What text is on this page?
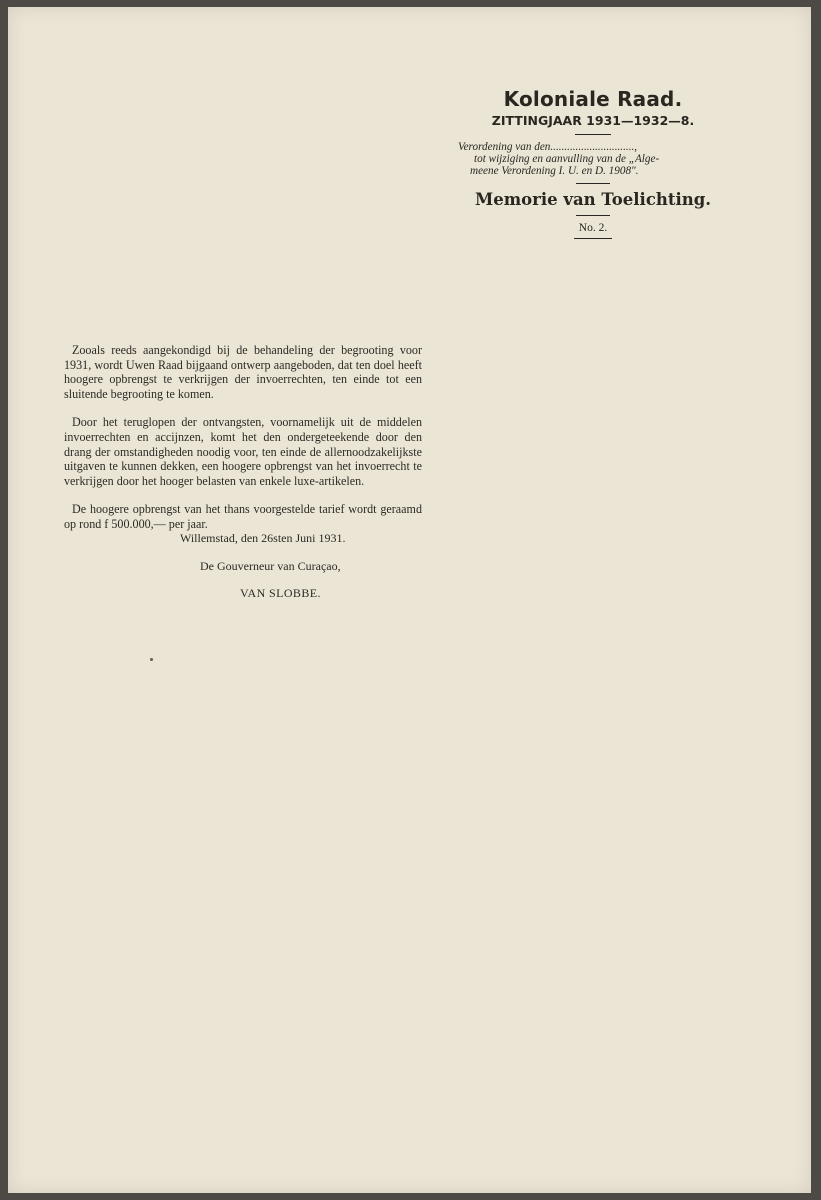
Koloniale Raad.
ZITTINGJAAR 1931—1932—8.
Verordening van den..............................,
tot wijziging en aanvulling van de „Alge-
meene Verordening I. U. en D. 1908".
Memorie van Toelichting.
No. 2.

Zooals reeds aangekondigd bij de behandeling der begrooting voor 1931, wordt Uwen Raad bijgaand ontwerp aangeboden, dat ten doel heeft hoogere opbrengst te verkrijgen der invoerrechten, ten einde tot een sluitende begrooting te komen.

Door het teruglopen der ontvangsten, voornamelijk uit de middelen invoerrechten en accijnzen, komt het den ondergeteekende door den drang der omstandigheden noodig voor, ten einde de allernoodzakelijkste uitgaven te kunnen dekken, een hoogere opbrengst van het invoerrecht te verkrijgen door het hooger belasten van enkele luxe-artikelen.

De hoogere opbrengst van het thans voorgestelde tarief wordt geraamd op rond f 500.000,— per jaar.

Willemstad, den 26sten Juni 1931.
De Gouverneur van Curaçao,
VAN SLOBBE.
